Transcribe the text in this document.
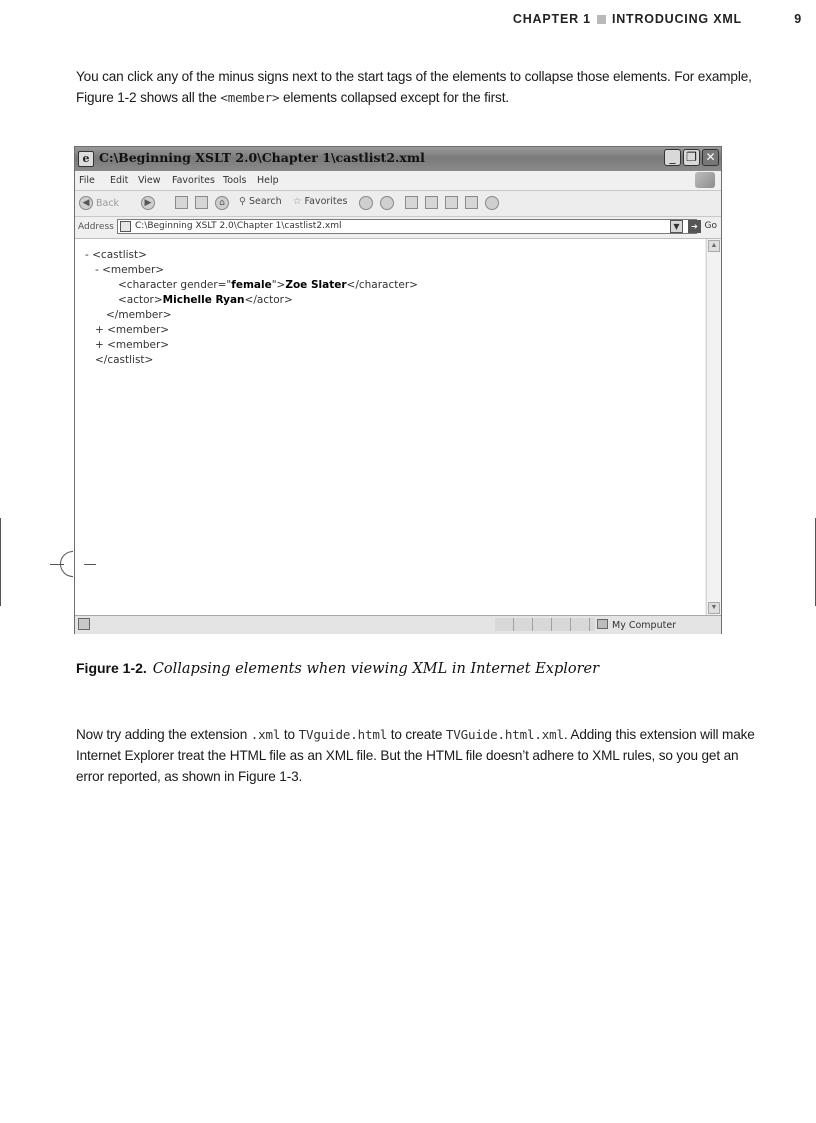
CHAPTER 1 INTRODUCING XML	9

You can click any of the minus signs next to the start tags of the elements to collapse those elements. For example, Figure 1-2 shows all the <member> elements collapsed except for the first.

e C:\Beginning XSLT 2.0\Chapter 1\castlist2.xml	_ ❐ ✕
File Edit View Favorites Tools Help
◀ Back	▶	⌂	⚲ Search ☆ Favorites
Address C:\Beginning XSLT 2.0\Chapter 1\castlist2.xml	▼	➔ Go
- <castlist>
- <member>
<character gender="female">Zoe Slater</character>
<actor>Michelle Ryan</actor>
</member>
+ <member>
+ <member>
</castlist>
▲
▼
My Computer
Figure 1-2. Collapsing elements when viewing XML in Internet Explorer

Now try adding the extension .xml to TVguide.html to create TVGuide.html.xml. Adding this extension will make Internet Explorer treat the HTML file as an XML file. But the HTML file doesn’t adhere to XML rules, so you get an error reported, as shown in Figure 1-3.
